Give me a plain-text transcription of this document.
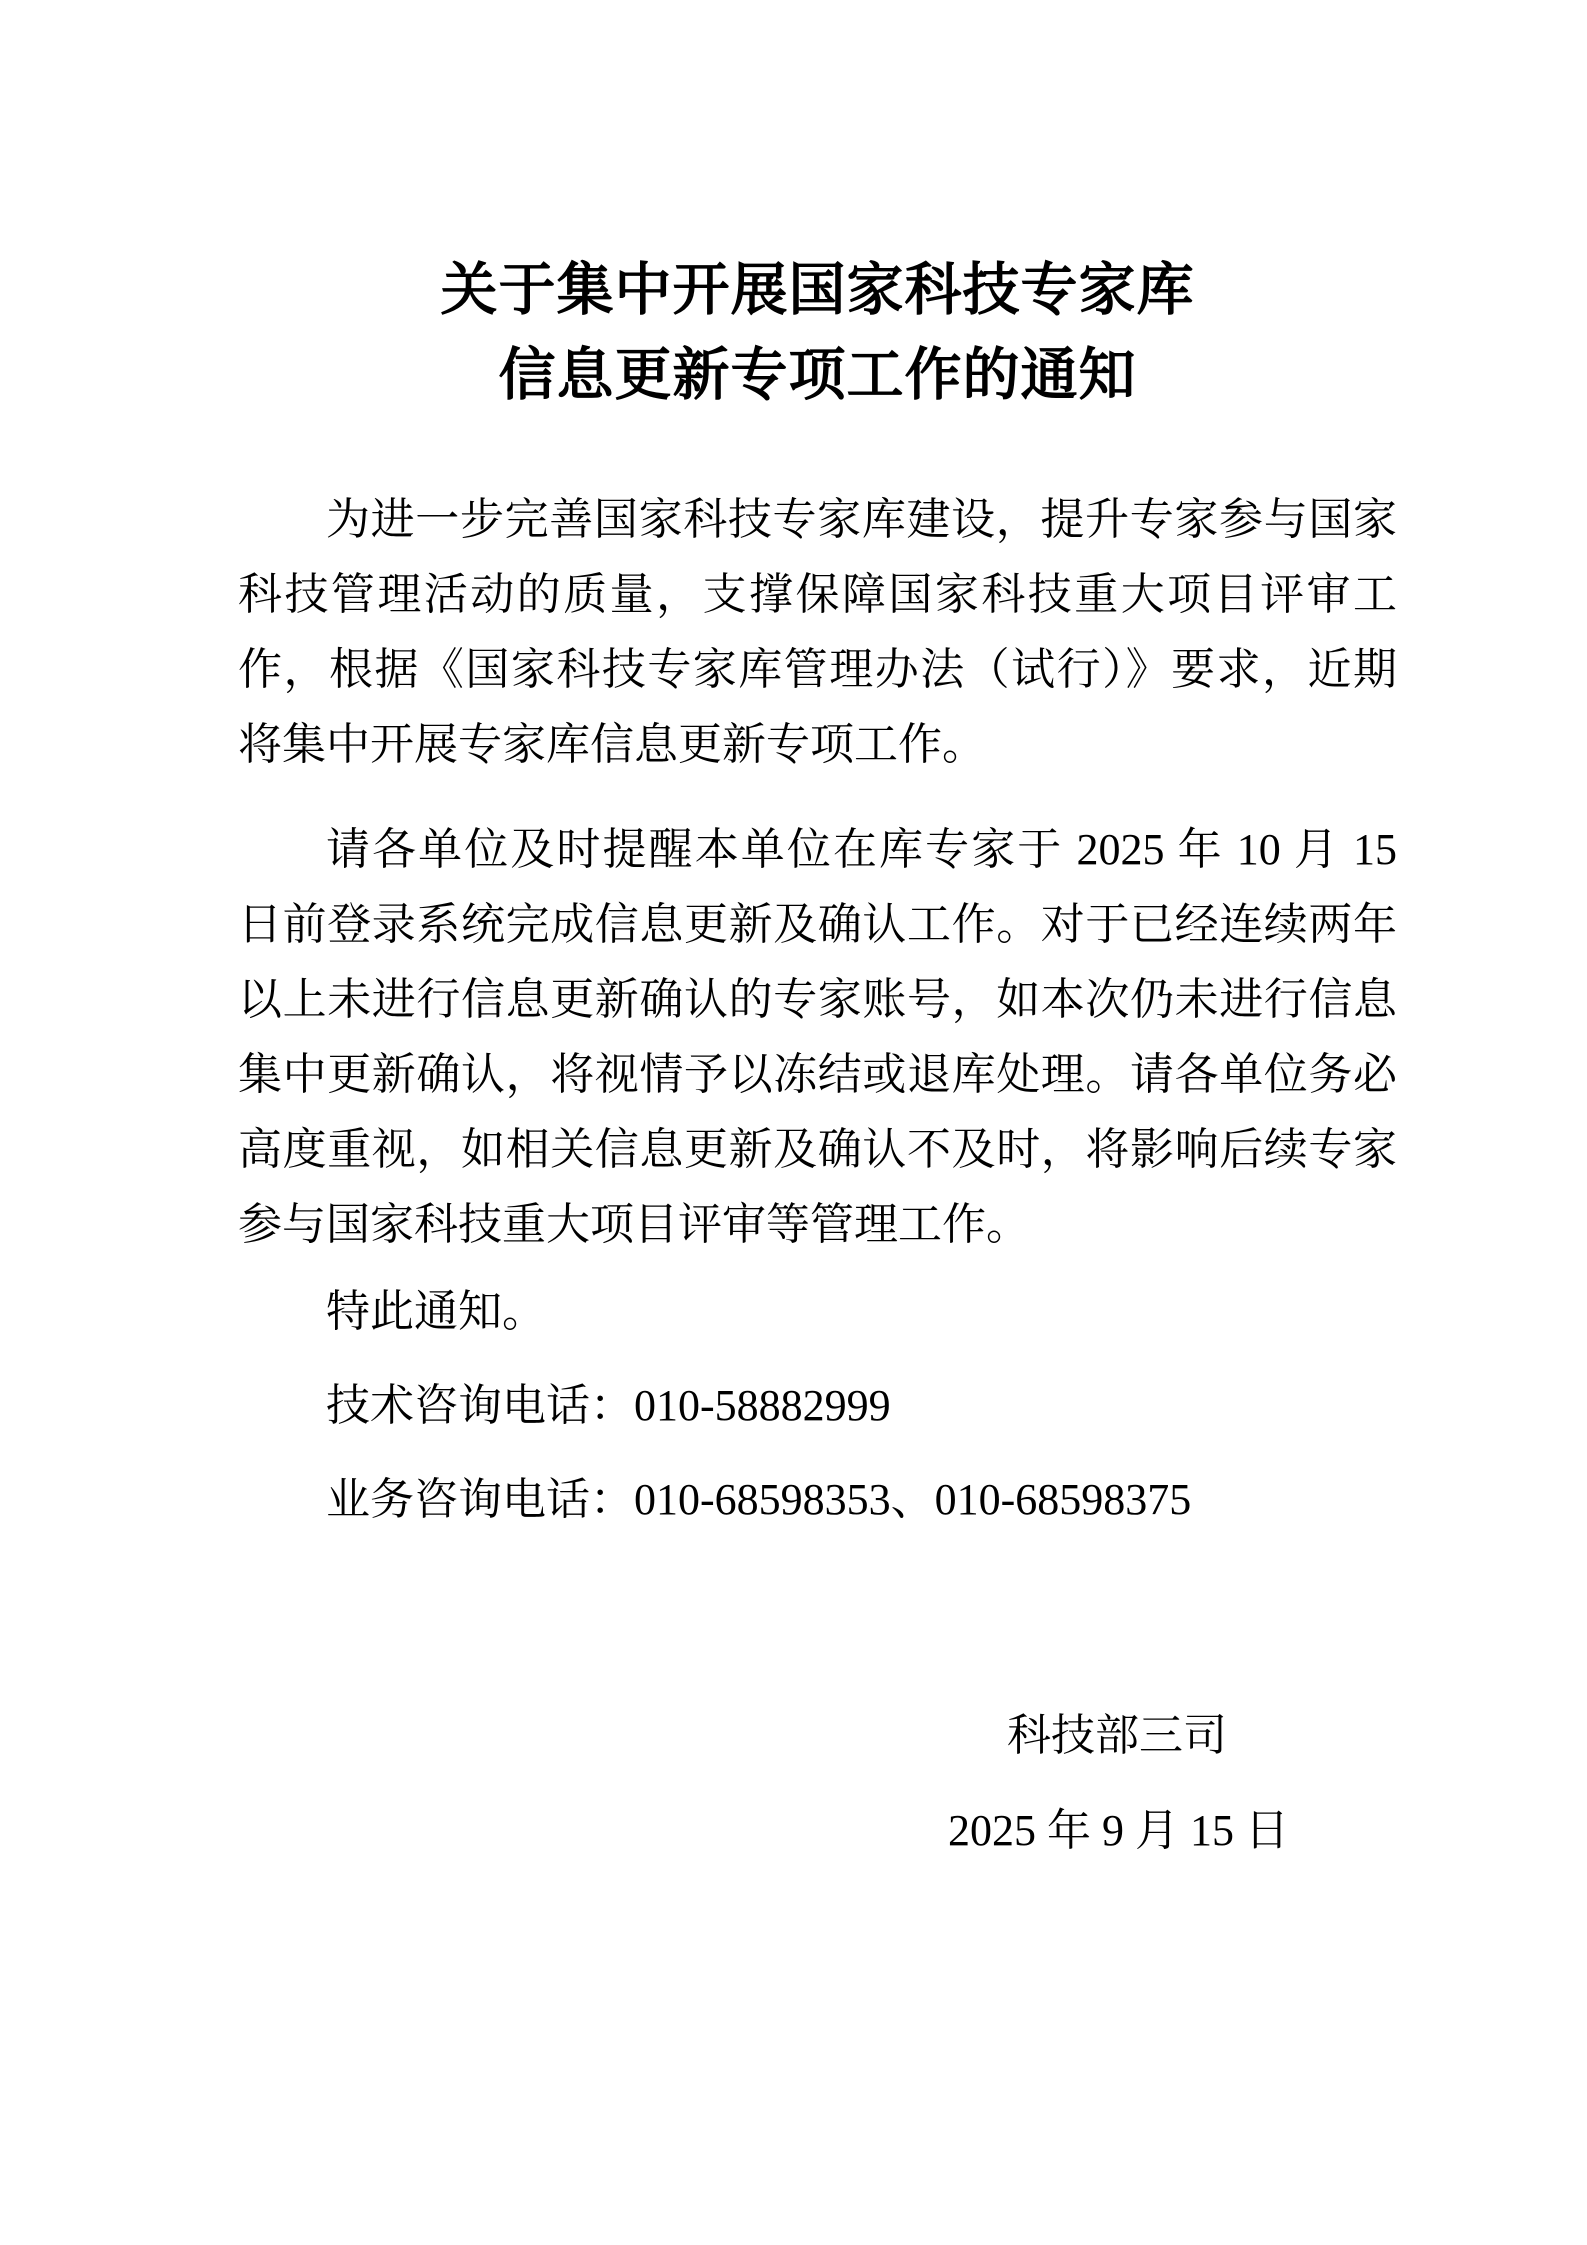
关于集中开展国家科技专家库
信息更新专项工作的通知

为进一步完善国家科技专家库建设，提升专家参与国家科技管理活动的质量，支撑保障国家科技重大项目评审工作，根据《国家科技专家库管理办法（试行）》要求，近期将集中开展专家库信息更新专项工作。

请各单位及时提醒本单位在库专家于 2025 年 10 月 15 日前登录系统完成信息更新及确认工作。对于已经连续两年以上未进行信息更新确认的专家账号，如本次仍未进行信息集中更新确认，将视情予以冻结或退库处理。请各单位务必高度重视，如相关信息更新及确认不及时，将影响后续专家参与国家科技重大项目评审等管理工作。

特此通知。

技术咨询电话：010-58882999

业务咨询电话：010-68598353、010-68598375

科技部三司

2025 年 9 月 15 日
